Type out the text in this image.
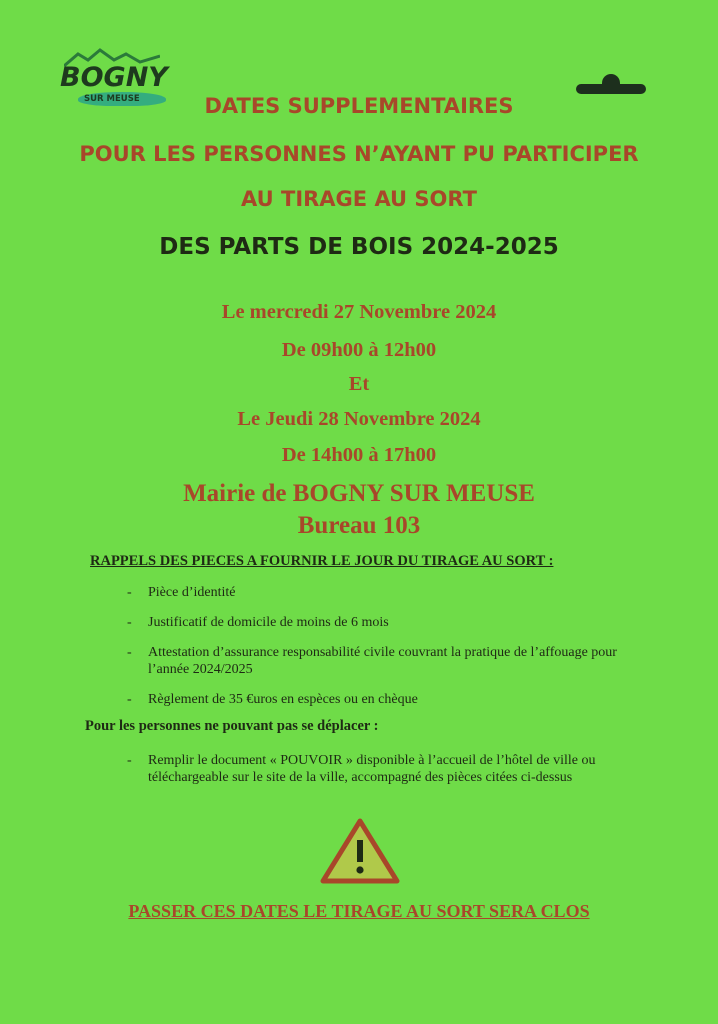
BOGNY
SUR MEUSE	DATES SUPPLEMENTAIRES
POUR LES PERSONNES N’AYANT PU PARTICIPER
AU TIRAGE AU SORT
DES PARTS DE BOIS 2024-2025
Le mercredi 27 Novembre 2024
De 09h00 à 12h00
Et
Le Jeudi 28 Novembre 2024
De 14h00 à 17h00
Mairie de BOGNY SUR MEUSE
Bureau 103
RAPPELS DES PIECES A FOURNIR LE JOUR DU TIRAGE AU SORT :
- Pièce d’identité
- Justificatif de domicile de moins de 6 mois
- Attestation d’assurance responsabilité civile couvrant la pratique de l’affouage pour l’année 2024/2025
- Règlement de 35 €uros en espèces ou en chèque
Pour les personnes ne pouvant pas se déplacer :
- Remplir le document « POUVOIR » disponible à l’accueil de l’hôtel de ville ou téléchargeable sur le site de la ville, accompagné des pièces citées ci-dessus
PASSER CES DATES LE TIRAGE AU SORT SERA CLOS
